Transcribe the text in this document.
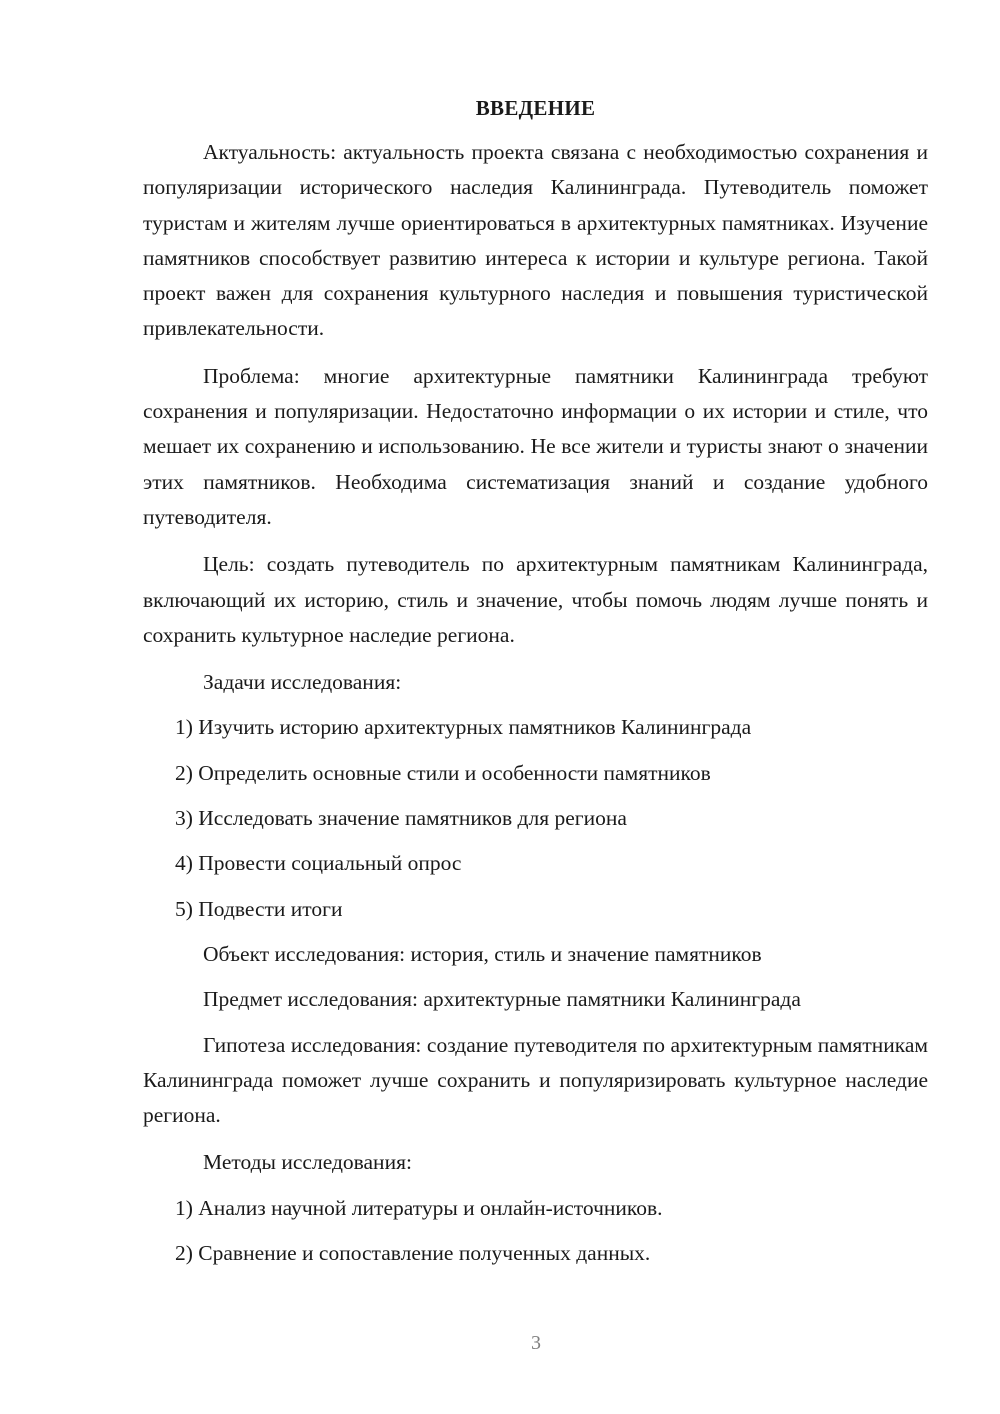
ВВЕДЕНИЕ

Актуальность: актуальность проекта связана с необходимостью сохранения и популяризации исторического наследия Калининграда. Путеводитель поможет туристам и жителям лучше ориентироваться в архитектурных памятниках. Изучение памятников способствует развитию интереса к истории и культуре региона. Такой проект важен для сохранения культурного наследия и повышения туристической привлекательности.

Проблема: многие архитектурные памятники Калининграда требуют сохранения и популяризации. Недостаточно информации о их истории и стиле, что мешает их сохранению и использованию. Не все жители и туристы знают о значении этих памятников. Необходима систематизация знаний и создание удобного путеводителя.

Цель: создать путеводитель по архитектурным памятникам Калининграда, включающий их историю, стиль и значение, чтобы помочь людям лучше понять и сохранить культурное наследие региона.

Задачи исследования:

1) Изучить историю архитектурных памятников Калининграда
2) Определить основные стили и особенности памятников
3) Исследовать значение памятников для региона
4) Провести социальный опрос
5) Подвести итоги

Объект исследования: история, стиль и значение памятников

Предмет исследования: архитектурные памятники Калининграда

Гипотеза исследования: создание путеводителя по архитектурным памятникам Калининграда поможет лучше сохранить и популяризировать культурное наследие региона.

Методы исследования:

1) Анализ научной литературы и онлайн-источников.
2) Сравнение и сопоставление полученных данных.
3
